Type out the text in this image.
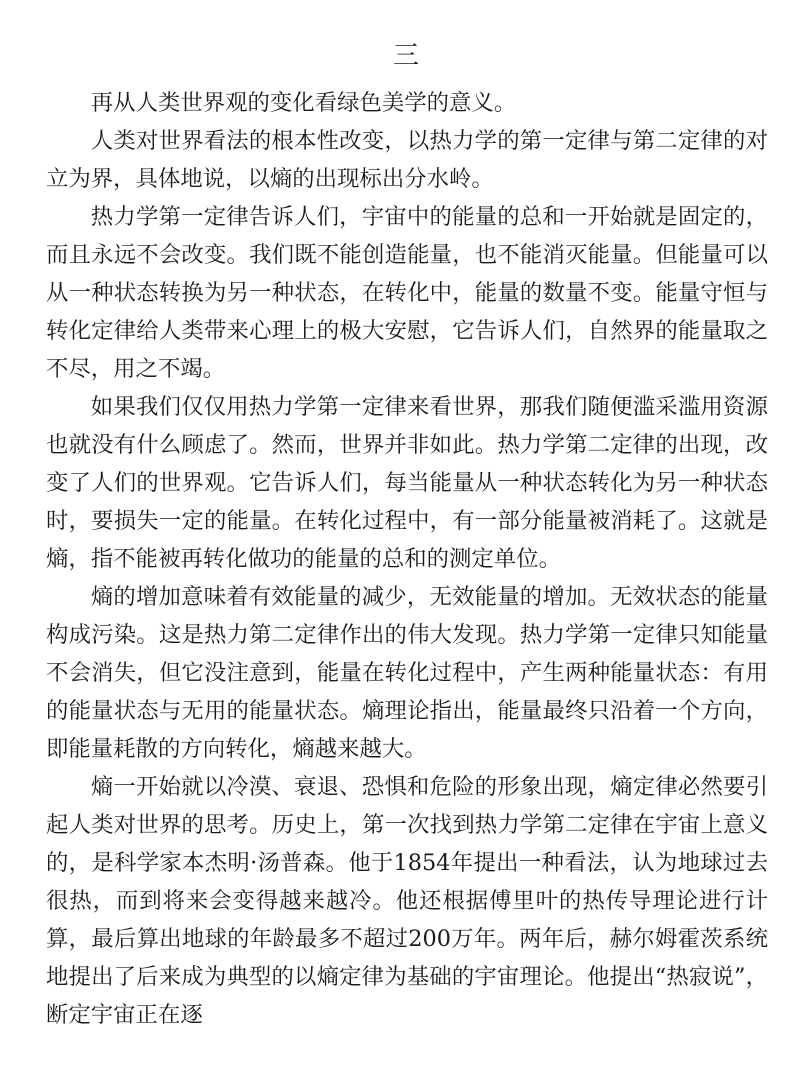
三

再从人类世界观的变化看绿色美学的意义。

人类对世界看法的根本性改变，以热力学的第一定律与第二定律的对立为界，具体地说，以熵的出现标出分水岭。

热力学第一定律告诉人们，宇宙中的能量的总和一开始就是固定的，而且永远不会改变。我们既不能创造能量，也不能消灭能量。但能量可以从一种状态转换为另一种状态，在转化中，能量的数量不变。能量守恒与转化定律给人类带来心理上的极大安慰，它告诉人们，自然界的能量取之不尽，用之不竭。

如果我们仅仅用热力学第一定律来看世界，那我们随便滥采滥用资源也就没有什么顾虑了。然而，世界并非如此。热力学第二定律的出现，改变了人们的世界观。它告诉人们，每当能量从一种状态转化为另一种状态时，要损失一定的能量。在转化过程中，有一部分能量被消耗了。这就是熵，指不能被再转化做功的能量的总和的测定单位。

熵的增加意味着有效能量的减少，无效能量的增加。无效状态的能量构成污染。这是热力第二定律作出的伟大发现。热力学第一定律只知能量不会消失，但它没注意到，能量在转化过程中，产生两种能量状态：有用的能量状态与无用的能量状态。熵理论指出，能量最终只沿着一个方向，即能量耗散的方向转化，熵越来越大。

熵一开始就以冷漠、衰退、恐惧和危险的形象出现，熵定律必然要引起人类对世界的思考。历史上，第一次找到热力学第二定律在宇宙上意义的，是科学家本杰明·汤普森。他于1854年提出一种看法，认为地球过去很热，而到将来会变得越来越冷。他还根据傅里叶的热传导理论进行计算，最后算出地球的年龄最多不超过200万年。两年后，赫尔姆霍茨系统地提出了后来成为典型的以熵定律为基础的宇宙理论。他提出“热寂说”，断定宇宙正在逐
